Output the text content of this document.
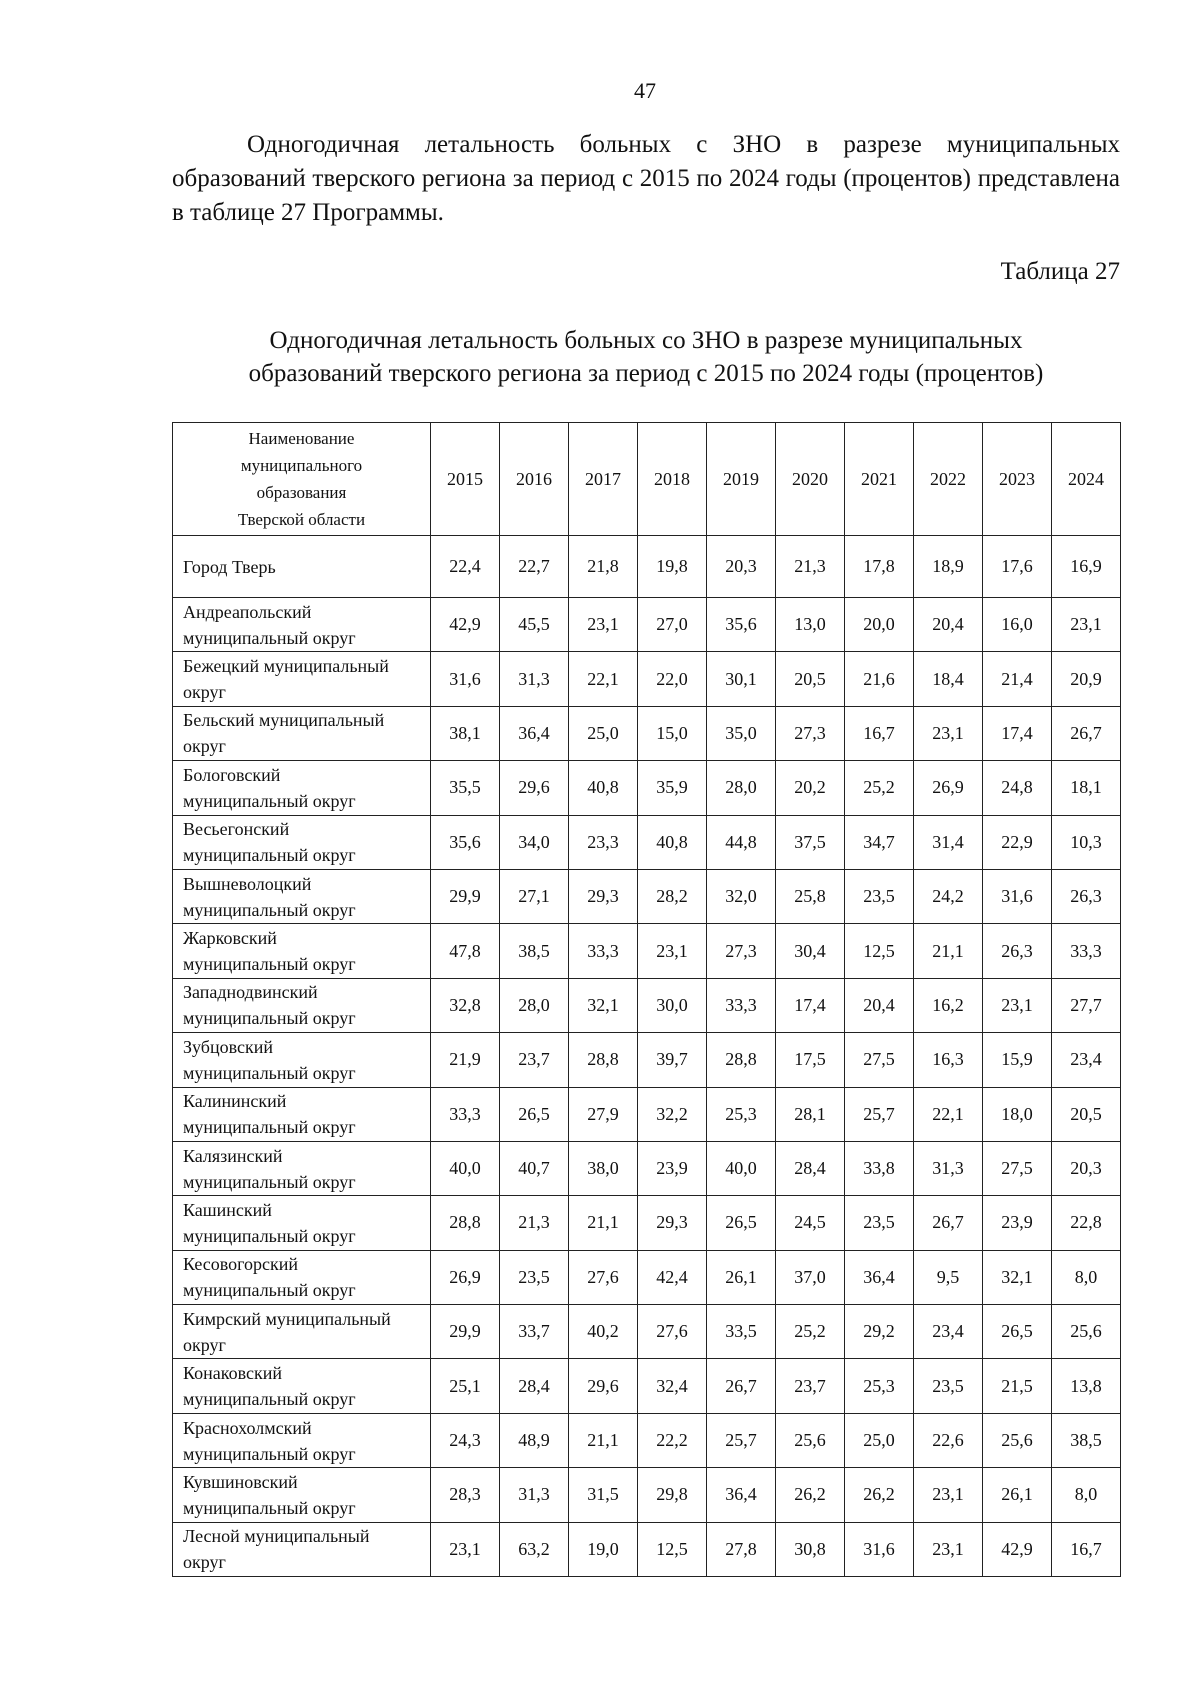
47

Одногодичная летальность больных с ЗНО в разрезе муниципальных образований тверского региона за период с 2015 по 2024 годы (процентов) представлена в таблице 27 Программы.

Таблица 27
Одногодичная летальность больных со ЗНО в разрезе муниципальных
образований тверского региона за период с 2015 по 2024 годы (процентов)
Наименование
муниципального
образования
Тверской области	2015	2016	2017	2018	2019	2020	2021	2022	2023	2024

Город Тверь	22,4	22,7	21,8	19,8	20,3	21,3	17,8	18,9	17,6	16,9

Андреапольский
муниципальный округ	42,9	45,5	23,1	27,0	35,6	13,0	20,0	20,4	16,0	23,1

Бежецкий муниципальный
округ	31,6	31,3	22,1	22,0	30,1	20,5	21,6	18,4	21,4	20,9

Бельский муниципальный
округ	38,1	36,4	25,0	15,0	35,0	27,3	16,7	23,1	17,4	26,7

Бологовский
муниципальный округ	35,5	29,6	40,8	35,9	28,0	20,2	25,2	26,9	24,8	18,1

Весьегонский
муниципальный округ	35,6	34,0	23,3	40,8	44,8	37,5	34,7	31,4	22,9	10,3

Вышневолоцкий
муниципальный округ	29,9	27,1	29,3	28,2	32,0	25,8	23,5	24,2	31,6	26,3

Жарковский
муниципальный округ	47,8	38,5	33,3	23,1	27,3	30,4	12,5	21,1	26,3	33,3

Западнодвинский
муниципальный округ	32,8	28,0	32,1	30,0	33,3	17,4	20,4	16,2	23,1	27,7

Зубцовский
муниципальный округ	21,9	23,7	28,8	39,7	28,8	17,5	27,5	16,3	15,9	23,4

Калининский
муниципальный округ	33,3	26,5	27,9	32,2	25,3	28,1	25,7	22,1	18,0	20,5

Калязинский
муниципальный округ	40,0	40,7	38,0	23,9	40,0	28,4	33,8	31,3	27,5	20,3

Кашинский
муниципальный округ	28,8	21,3	21,1	29,3	26,5	24,5	23,5	26,7	23,9	22,8

Кесовогорский
муниципальный округ	26,9	23,5	27,6	42,4	26,1	37,0	36,4	9,5	32,1	8,0

Кимрский муниципальный
округ	29,9	33,7	40,2	27,6	33,5	25,2	29,2	23,4	26,5	25,6

Конаковский
муниципальный округ	25,1	28,4	29,6	32,4	26,7	23,7	25,3	23,5	21,5	13,8

Краснохолмский
муниципальный округ	24,3	48,9	21,1	22,2	25,7	25,6	25,0	22,6	25,6	38,5

Кувшиновский
муниципальный округ	28,3	31,3	31,5	29,8	36,4	26,2	26,2	23,1	26,1	8,0

Лесной муниципальный
округ	23,1	63,2	19,0	12,5	27,8	30,8	31,6	23,1	42,9	16,7
